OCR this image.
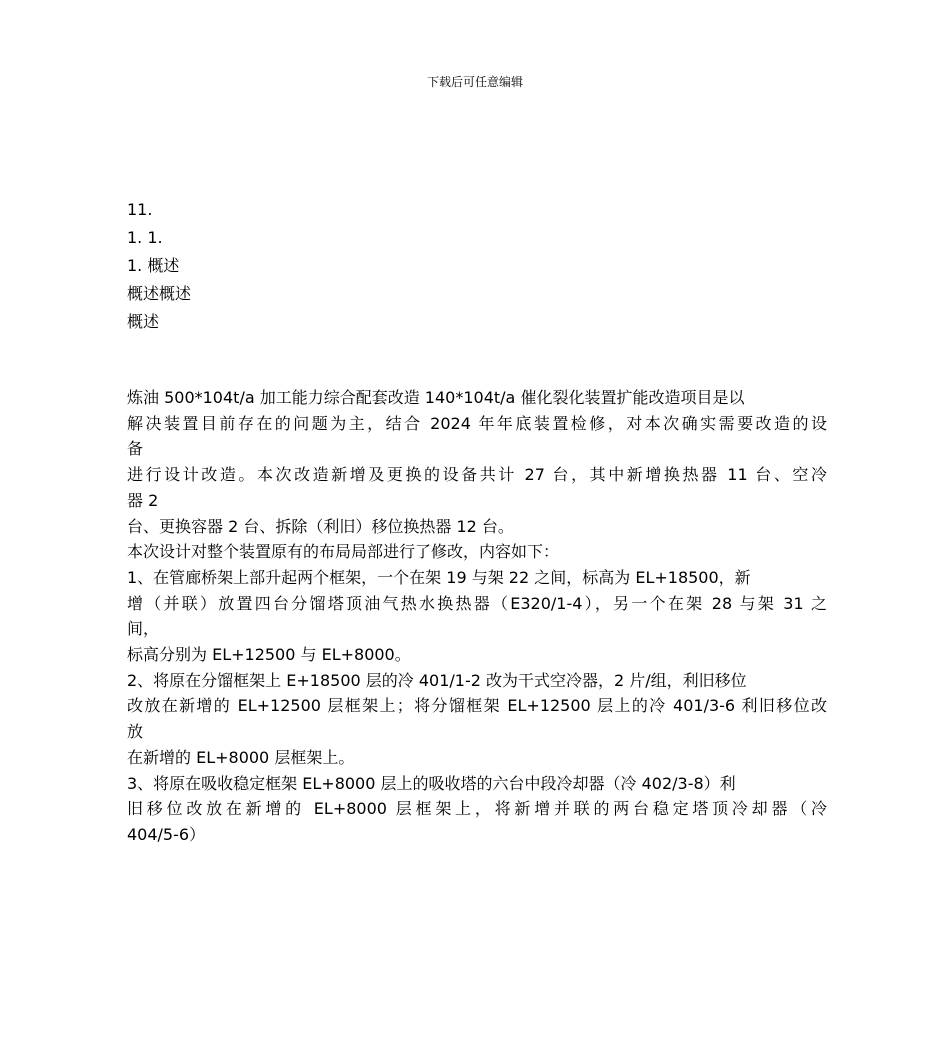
下载后可任意编辑
11.
1. 1.
1. 概述
概述概述
概述
炼油 500*104t/a 加工能力综合配套改造 140*104t/a 催化裂化装置扩能改造项目是以
解决装置目前存在的问题为主，结合 2024 年年底装置检修，对本次确实需要改造的设
备
进行设计改造。本次改造新增及更换的设备共计 27 台，其中新增换热器 11 台、空冷
器 2
台、更换容器 2 台、拆除（利旧）移位换热器 12 台。
本次设计对整个装置原有的布局局部进行了修改，内容如下：
1、在管廊桥架上部升起两个框架，一个在架 19 与架 22 之间，标高为 EL+18500，新
增（并联）放置四台分馏塔顶油气热水换热器（E320/1-4），另一个在架 28 与架 31 之
间，
标高分别为 EL+12500 与 EL+8000。
2、将原在分馏框架上 E+18500 层的冷 401/1-2 改为干式空冷器，2 片/组，利旧移位
改放在新增的 EL+12500 层框架上；将分馏框架 EL+12500 层上的冷 401/3-6 利旧移位改
放
在新增的 EL+8000 层框架上。
3、将原在吸收稳定框架 EL+8000 层上的吸收塔的六台中段冷却器（冷 402/3-8）利
旧移位改放在新增的 EL+8000 层框架上，将新增并联的两台稳定塔顶冷却器（冷
404/5-6）
